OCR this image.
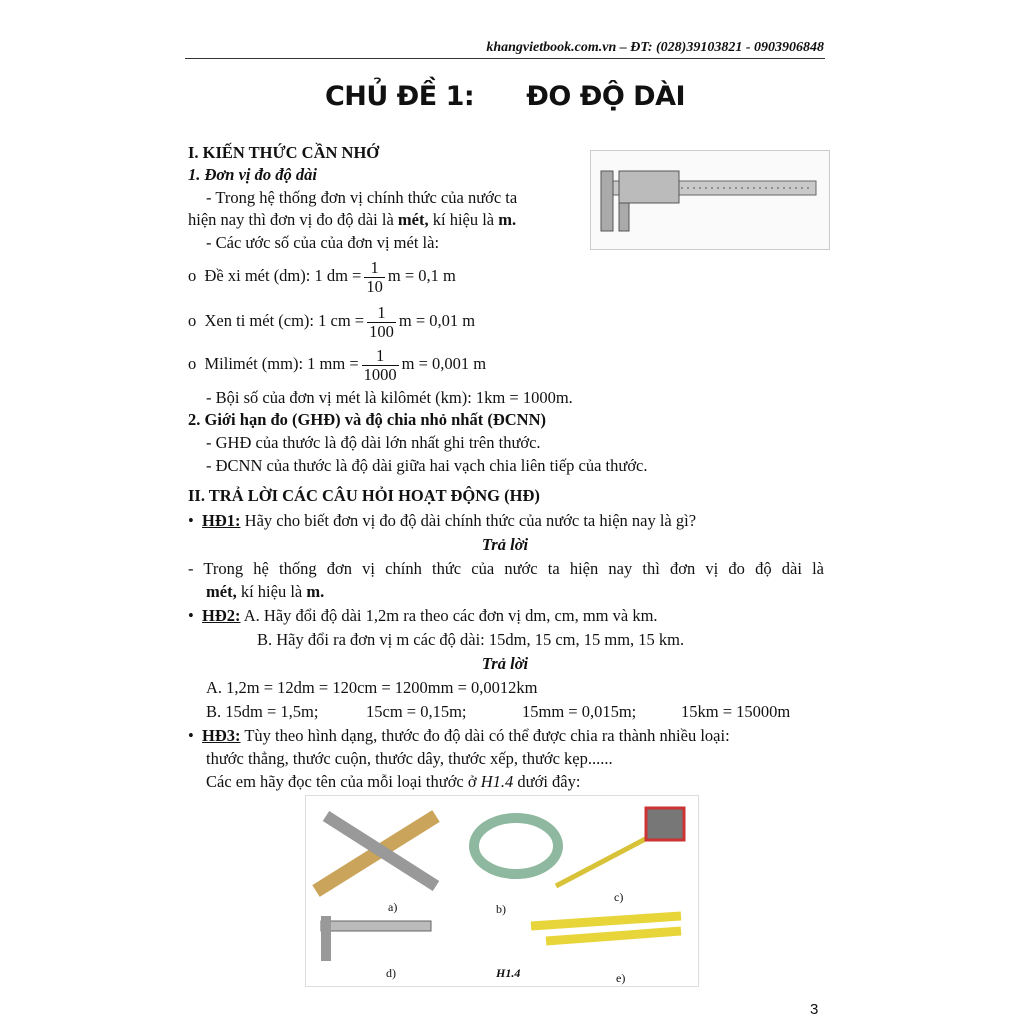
khangvietbook.com.vn – ĐT: (028)39103821 - 0903906848
CHỦ ĐỀ 1: ĐO ĐỘ DÀI
I. KIẾN THỨC CẦN NHỚ
1. Đơn vị đo độ dài
- Trong hệ thống đơn vị chính thức của nước ta
hiện nay thì đơn vị đo độ dài là mét, kí hiệu là m.
- Các ước số của của đơn vị mét là:
o Đề xi mét (dm): 1 dm = $\frac{1}{10}$ m = 0,1 m
o Xen ti mét (cm): 1 cm = $\frac{1}{100}$ m = 0,01 m
o Milimét (mm): 1 mm = $\frac{1}{1000}$ m = 0,001 m
- Bội số của đơn vị mét là kilômét (km): 1km = 1000m.
2. Giới hạn đo (GHĐ) và độ chia nhỏ nhất (ĐCNN)
- GHĐ của thước là độ dài lớn nhất ghi trên thước.
- ĐCNN của thước là độ dài giữa hai vạch chia liên tiếp của thước.
II. TRẢ LỜI CÁC CÂU HỎI HOẠT ĐỘNG (HĐ)
• HĐ1: Hãy cho biết đơn vị đo độ dài chính thức của nước ta hiện nay là gì?
Trả lời
- Trong hệ thống đơn vị chính thức của nước ta hiện nay thì đơn vị đo độ dài là
mét, kí hiệu là m.
• HĐ2: A. Hãy đổi độ dài 1,2m ra theo các đơn vị dm, cm, mm và km.
B. Hãy đổi ra đơn vị m các độ dài: 15dm, 15 cm, 15 mm, 15 km.
Trả lời
A. 1,2m = 12dm = 120cm = 1200mm = 0,0012km
B. 15dm = 1,5m;	15cm = 0,15m;	15mm = 0,015m;	15km = 15000m
• HĐ3: Tùy theo hình dạng, thước đo độ dài có thể được chia ra thành nhiều loại:
thước thẳng, thước cuộn, thước dây, thước xếp, thước kẹp......
Các em hãy đọc tên của mỗi loại thước ở H1.4 dưới đây:
a)	b)
c)
d)	H1.4	e)
3
